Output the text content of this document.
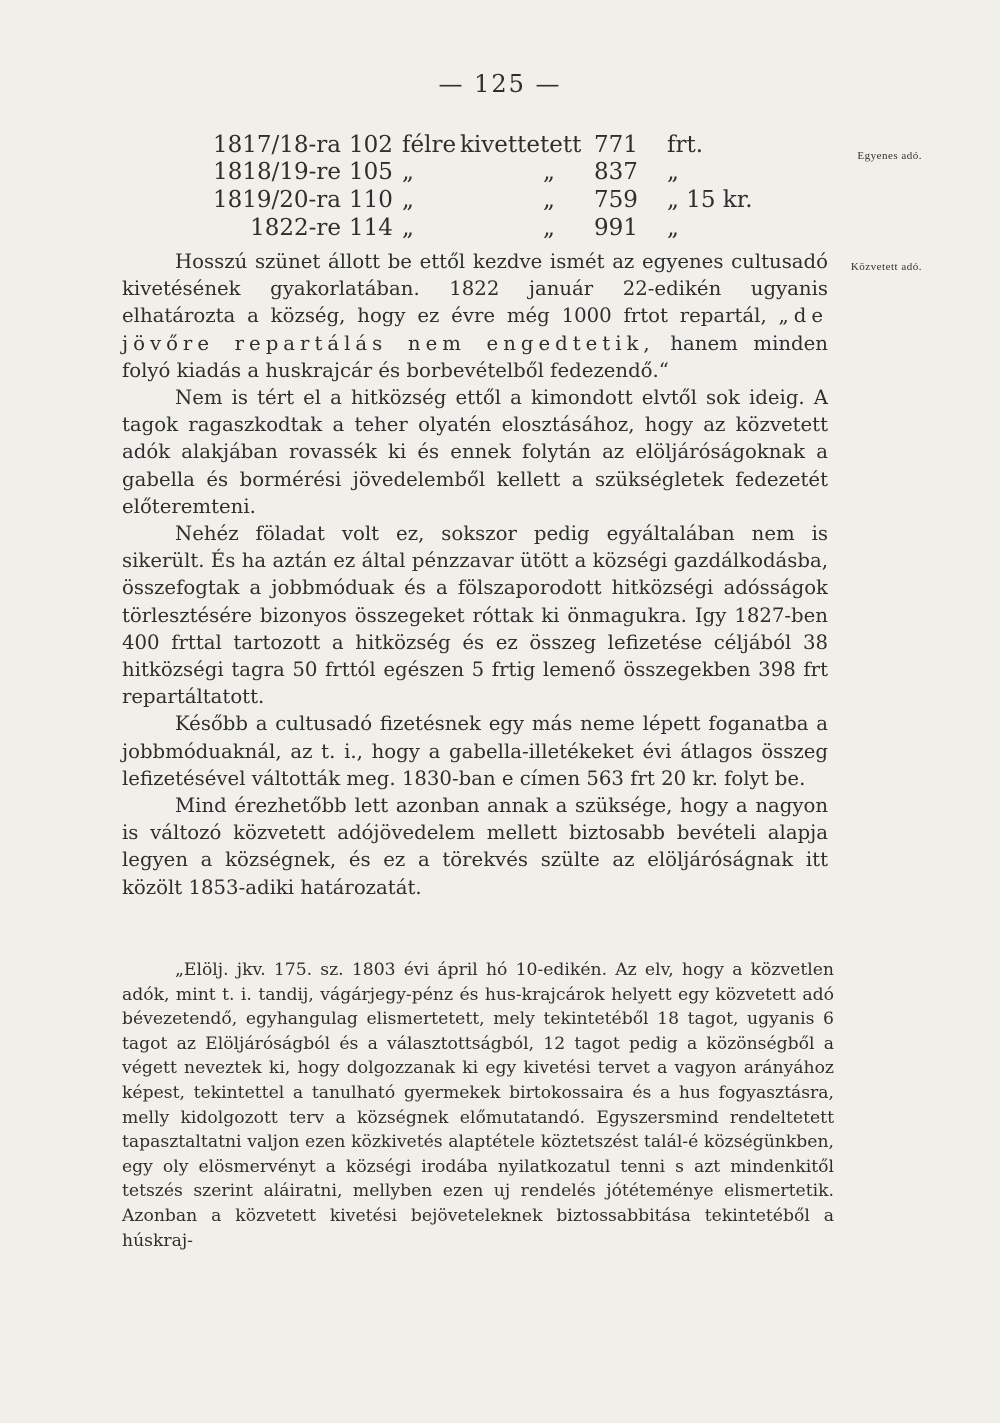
— 125 —
Egyenes adó.
Közvetett adó.
1817/18-ra 102 félre kivettetett 771 frt.
1818/19-re 105 „	„ 837 „
1819/20-ra 110 „	„ 759 „ 15 kr.
1822-re 114 „	„ 991 „

Hosszú szünet állott be ettől kezdve ismét az egyenes cultusadó kivetésének gyakorlatában. 1822 január 22-edikén ugyanis elhatározta a község, hogy ez évre még 1000 frtot repartál, „de jövőre repartálás nem engedtetik, hanem minden folyó kiadás a huskrajcár és borbevételből fedezendő.“

Nem is tért el a hitközség ettől a kimondott elvtől sok ideig. A tagok ragaszkodtak a teher olyatén elosztásához, hogy az közvetett adók alakjában rovassék ki és ennek folytán az elöljáróságoknak a gabella és bormérési jövedelemből kellett a szükségletek fedezetét előteremteni.

Nehéz föladat volt ez, sokszor pedig egyáltalában nem is sikerült. És ha aztán ez által pénzzavar ütött a községi gazdálkodásba, összefogtak a jobbmóduak és a fölszaporodott hitközségi adósságok törlesztésére bizonyos összegeket róttak ki önmagukra. Igy 1827-ben 400 frttal tartozott a hitközség és ez összeg lefizetése céljából 38 hitközségi tagra 50 frttól egészen 5 frtig lemenő összegekben 398 frt repartáltatott.

Később a cultusadó fizetésnek egy más neme lépett foganatba a jobbmóduaknál, az t. i., hogy a gabella-illetékeket évi átlagos összeg lefizetésével váltották meg. 1830-ban e címen 563 frt 20 kr. folyt be.

Mind érezhetőbb lett azonban annak a szüksége, hogy a nagyon is változó közvetett adójövedelem mellett biztosabb bevételi alapja legyen a községnek, és ez a törekvés szülte az elöljáróságnak itt közölt 1853-adiki határozatát.

„Elölj. jkv. 175. sz. 1803 évi ápril hó 10-edikén. Az elv, hogy a közvetlen adók, mint t. i. tandij, vágárjegy-pénz és hus-krajcárok helyett egy közvetett adó bévezetendő, egyhangulag elismertetett, mely tekintetéből 18 tagot, ugyanis 6 tagot az Elöljáróságból és a választottságból, 12 tagot pedig a közönségből a végett neveztek ki, hogy dolgozzanak ki egy kivetési tervet a vagyon arányához képest, tekintettel a tanulható gyermekek birtokossaira és a hus fogyasztásra, melly kidolgozott terv a községnek előmutatandó. Egyszersmind rendeltetett tapasztaltatni valjon ezen közkivetés alaptétele köztetszést talál-é községünkben, egy oly elösmervényt a községi irodába nyilatkozatul tenni s azt mindenkitől tetszés szerint aláiratni, mellyben ezen uj rendelés jótéteménye elismertetik. Azonban a közvetett kivetési bejöveteleknek biztossabbitása tekintetéből a húskraj-
